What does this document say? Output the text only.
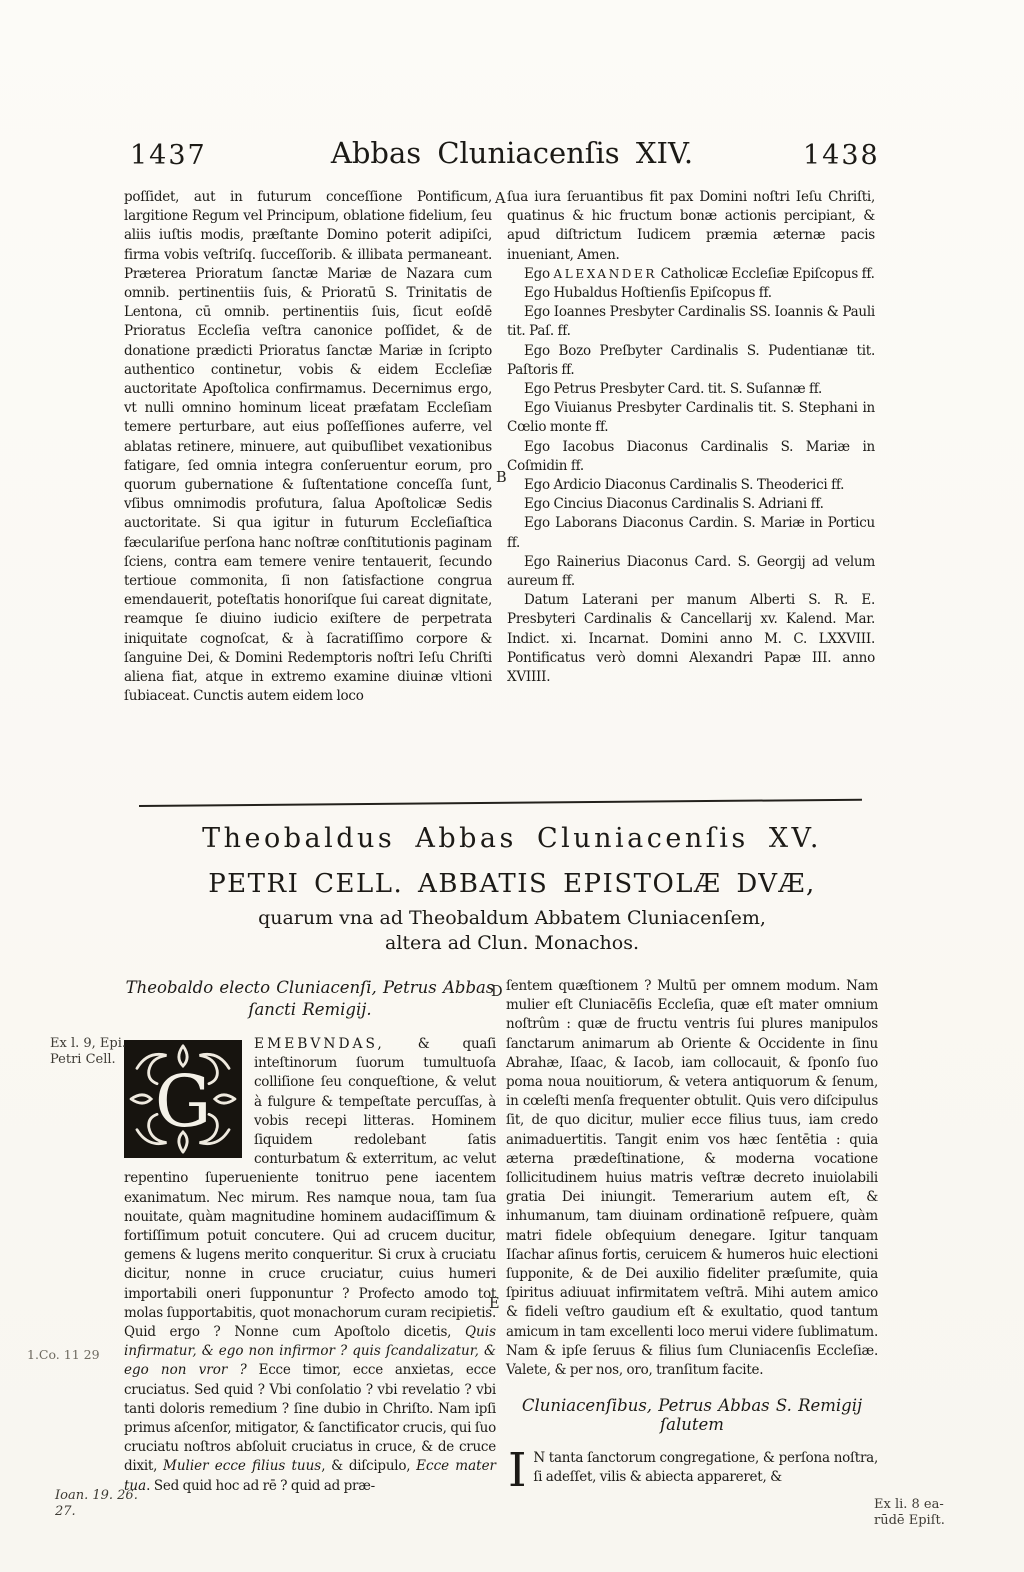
1437	Abbas Cluniacenſis XIV.	1438

poſſidet, aut in futurum conceſſione Pontificum, largitione Regum vel Principum, oblatione fidelium, ſeu aliis iuſtis modis, præſtante Domino poterit adipiſci, firma vobis veſtriſq. ſucceſſorib. & illibata permaneant. Præterea Prioratum ſanctæ Mariæ de Nazara cum omnib. pertinentiis ſuis, & Prioratū S. Trinitatis de Lentona, cū omnib. pertinentiis ſuis, ſicut eoſdē Prioratus Eccleſia veſtra canonice poſſidet, & de donatione prædicti Prioratus ſanctæ Mariæ in ſcripto authentico continetur, vobis & eidem Eccleſiæ auctoritate Apoſtolica confirmamus. Decernimus ergo, vt nulli omnino hominum liceat præfatam Eccleſiam temere perturbare, aut eius poſſeſſiones auferre, vel ablatas retinere, minuere, aut quibuſlibet vexationibus fatigare, ſed omnia integra conſeruentur eorum, pro quorum gubernatione & ſuſtentatione conceſſa ſunt, vſibus omnimodis profutura, ſalua Apoſtolicæ Sedis auctoritate. Si qua igitur in futurum Eccleſiaſtica fæculariſue perſona hanc noſtræ conſtitutionis paginam ſciens, contra eam temere venire tentauerit, ſecundo tertioue commonita, ſi non ſatisfactione congrua emendauerit, poteſtatis honoriſque ſui careat dignitate, reamque ſe diuino iudicio exiſtere de perpetrata iniquitate cognoſcat, & à ſacratiſſimo corpore & ſanguine Dei, & Domini Redemptoris noſtri Ieſu Chriſti aliena fiat, atque in extremo examine diuinæ vltioni ſubiaceat. Cunctis autem eidem loco

A
B

ſua iura ſeruantibus fit pax Domini noſtri Ieſu Chriſti, quatinus & hic fructum bonæ actionis percipiant, & apud diſtrictum Iudicem præmia æternæ pacis inueniant, Amen.

Ego ALEXANDER Catholicæ Eccleſiæ Epiſcopus ff.

Ego Hubaldus Hoſtienſis Epiſcopus ff.

Ego Ioannes Presbyter Cardinalis SS. Ioannis & Pauli tit. Paſ. ff.

Ego Bozo Preſbyter Cardinalis S. Pudentianæ tit. Paſtoris ff.

Ego Petrus Presbyter Card. tit. S. Suſannæ ff.

Ego Viuianus Presbyter Cardinalis tit. S. Stephani in Cœlio monte ff.

Ego Iacobus Diaconus Cardinalis S. Mariæ in Coſmidin ff.

Ego Ardicio Diaconus Cardinalis S. Theoderici ff.

Ego Cincius Diaconus Cardinalis S. Adriani ff.

Ego Laborans Diaconus Cardin. S. Mariæ in Porticu ff.

Ego Rainerius Diaconus Card. S. Georgij ad velum aureum ff.

Datum Laterani per manum Alberti S. R. E. Presbyteri Cardinalis & Cancellarij xv. Kalend. Mar. Indict. xi. Incarnat. Domini anno M. C. LXXVIII. Pontificatus verò domni Alexandri Papæ III. anno XVIIII.

Theobaldus Abbas Cluniacenſis XV.
PETRI CELL. ABBATIS EPISTOLÆ DVÆ,
quarum vna ad Theobaldum Abbatem Cluniacenſem,
altera ad Clun. Monachos.
Theobaldo electo Cluniacenſi, Petrus Abbas
ſancti Remigij.
G
EMEBVNDAS, & quaſi inteſtinorum ſuorum tumultuoſa colliſione ſeu conqueſtione, & velut à fulgure & tempeſtate percuſſas, à vobis recepi litteras. Hominem ſiquidem redolebant ſatis conturbatum & exterritum, ac velut repentino ſuperueniente tonitruo pene iacentem exanimatum. Nec mirum. Res namque noua, tam ſua nouitate, quàm magnitudine hominem audaciſſimum & fortiſſimum potuit concutere. Qui ad crucem ducitur, gemens & lugens merito conqueritur. Si crux à cruciatu dicitur, nonne in cruce cruciatur, cuius humeri importabili oneri ſupponuntur ? Profecto amodo tot molas ſupportabitis, quot monachorum curam recipietis. Quid ergo ? Nonne cum Apoſtolo dicetis, Quis infirmatur, & ego non infirmor ? quis ſcandalizatur, & ego non vror ? Ecce timor, ecce anxietas, ecce cruciatus. Sed quid ? Vbi conſolatio ? vbi revelatio ? vbi tanti doloris remedium ? ſine dubio in Chriſto. Nam ipſi primus aſcenſor, mitigator, & ſanctificator crucis, qui ſuo cruciatu noſtros abſoluit cruciatus in cruce, & de cruce dixit, Mulier ecce filius tuus, & diſcipulo, Ecce mater tua. Sed quid hoc ad rē ? quid ad præ-
D
E

ſentem quæſtionem ? Multū per omnem modum. Nam mulier eſt Cluniacēſis Eccleſia, quæ eſt mater omnium noſtrûm : quæ de fructu ventris ſui plures manipulos ſanctarum animarum ab Oriente & Occidente in ſinu Abrahæ, Iſaac, & Iacob, iam collocauit, & ſponſo ſuo poma noua nouitiorum, & vetera antiquorum & ſenum, in cœleſti menſa frequenter obtulit. Quis vero diſcipulus ſit, de quo dicitur, mulier ecce filius tuus, iam credo animaduertitis. Tangit enim vos hæc ſentētia : quia æterna prædeſtinatione, & moderna vocatione ſollicitudinem huius matris veſtræ decreto inuiolabili gratia Dei iniungit. Temerarium autem eſt, & inhumanum, tam diuinam ordinationē reſpuere, quàm matri fidele obſequium denegare. Igitur tanquam Iſachar aſinus fortis, ceruicem & humeros huic electioni ſupponite, & de Dei auxilio fideliter præſumite, quia ſpiritus adiuuat infirmitatem veſtrā. Mihi autem amico & fideli veſtro gaudium eſt & exultatio, quod tantum amicum in tam excellenti loco merui videre ſublimatum. Nam & ipſe ſeruus & filius ſum Cluniacenſis Eccleſiæ. Valete, & per nos, oro, tranſitum facite.

Cluniacenſibus, Petrus Abbas S. Remigij ſalutem
I N tanta ſanctorum congregatione, & perſona noſtra, ſi adeſſet, vilis & abiecta appareret, &
Ex l. 9, Epi.
Petri Cell.
1.Co. 11 29
Ioan. 19. 26.
27.	Ex li. 8 ea-
rūdē Epiſt.
